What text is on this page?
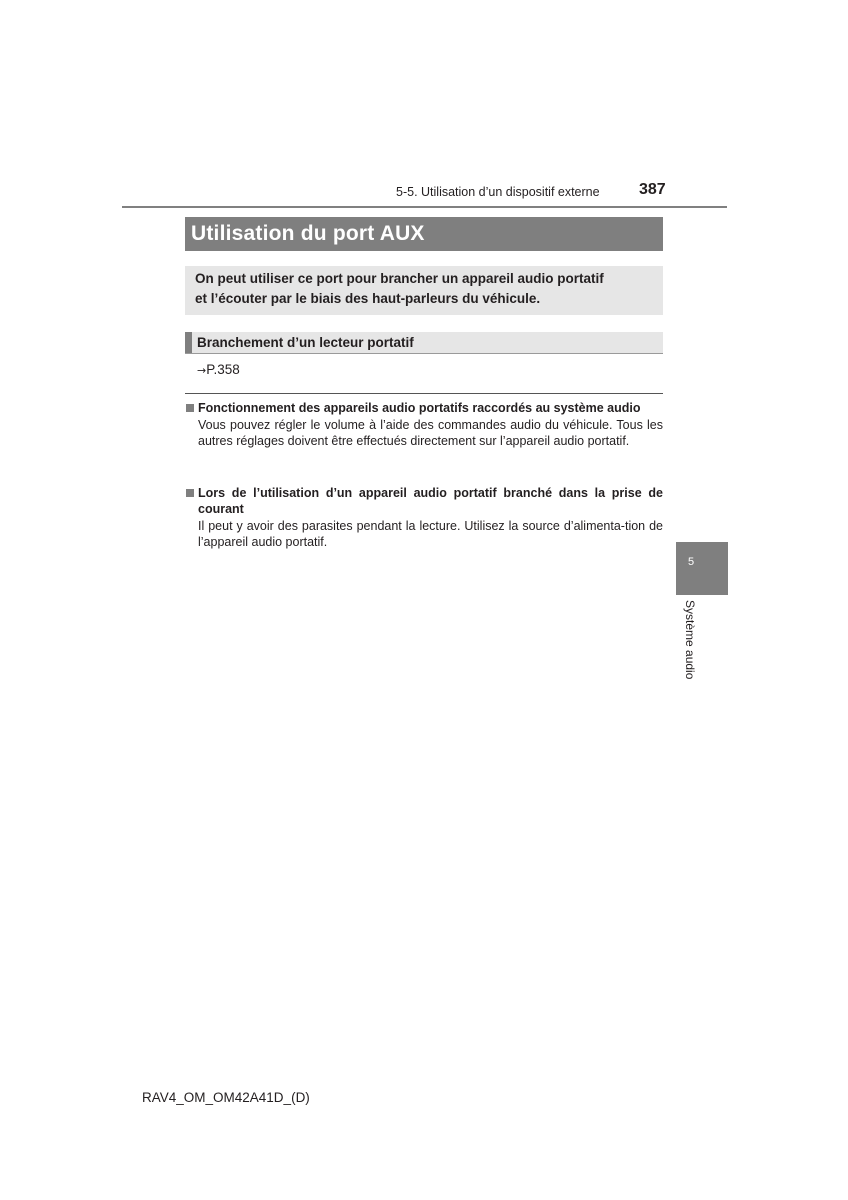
5-5. Utilisation d’un dispositif externe 387
Utilisation du port AUX
On peut utiliser ce port pour brancher un appareil audio portatif
et l’écouter par le biais des haut-parleurs du véhicule.
Branchement d’un lecteur portatif
→P.358
Fonctionnement des appareils audio portatifs raccordés au système audio
Vous pouvez régler le volume à l’aide des commandes audio du véhicule. Tous les autres réglages doivent être effectués directement sur l’appareil audio portatif.
Lors de l’utilisation d’un appareil audio portatif branché dans la prise de courant
Il peut y avoir des parasites pendant la lecture. Utilisez la source d’alimenta-tion de l’appareil audio portatif.
5
Système audio
RAV4_OM_OM42A41D_(D)
